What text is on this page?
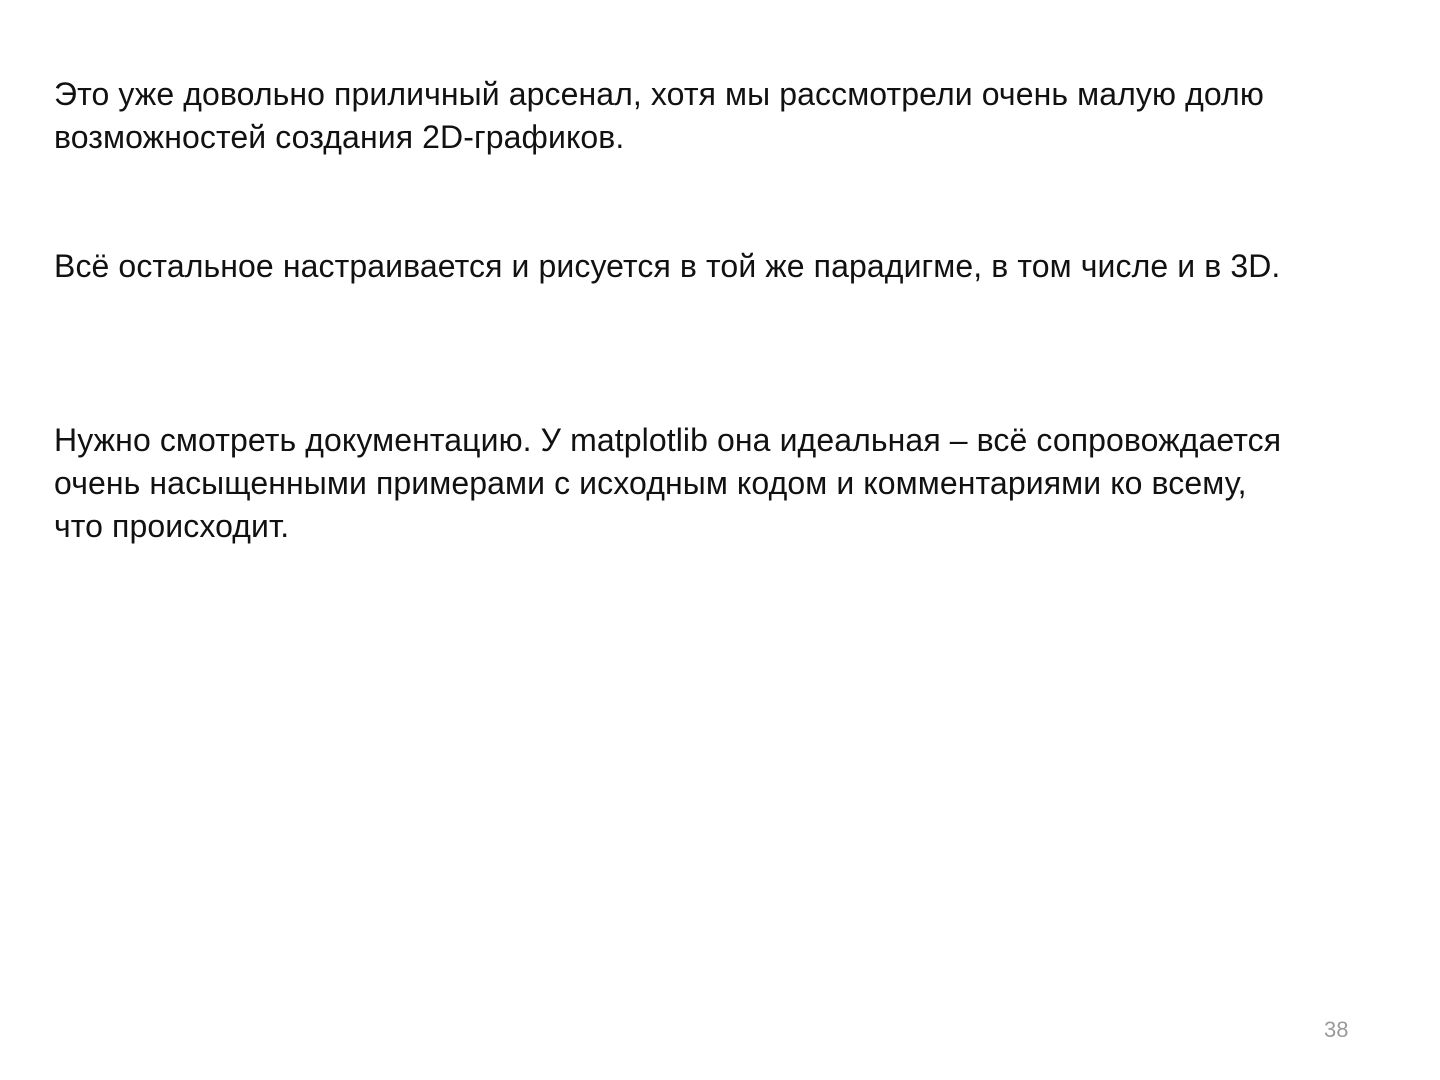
Это уже довольно приличный арсенал, хотя мы рассмотрели очень малую долю

возможностей создания 2D-графиков.

Всё остальное настраивается и рисуется в той же парадигме, в том числе и в 3D.

Нужно смотреть документацию. У matplotlib она идеальная – всё сопровождается

очень насыщенными примерами с исходным кодом и комментариями ко всему,

что происходит.

38
